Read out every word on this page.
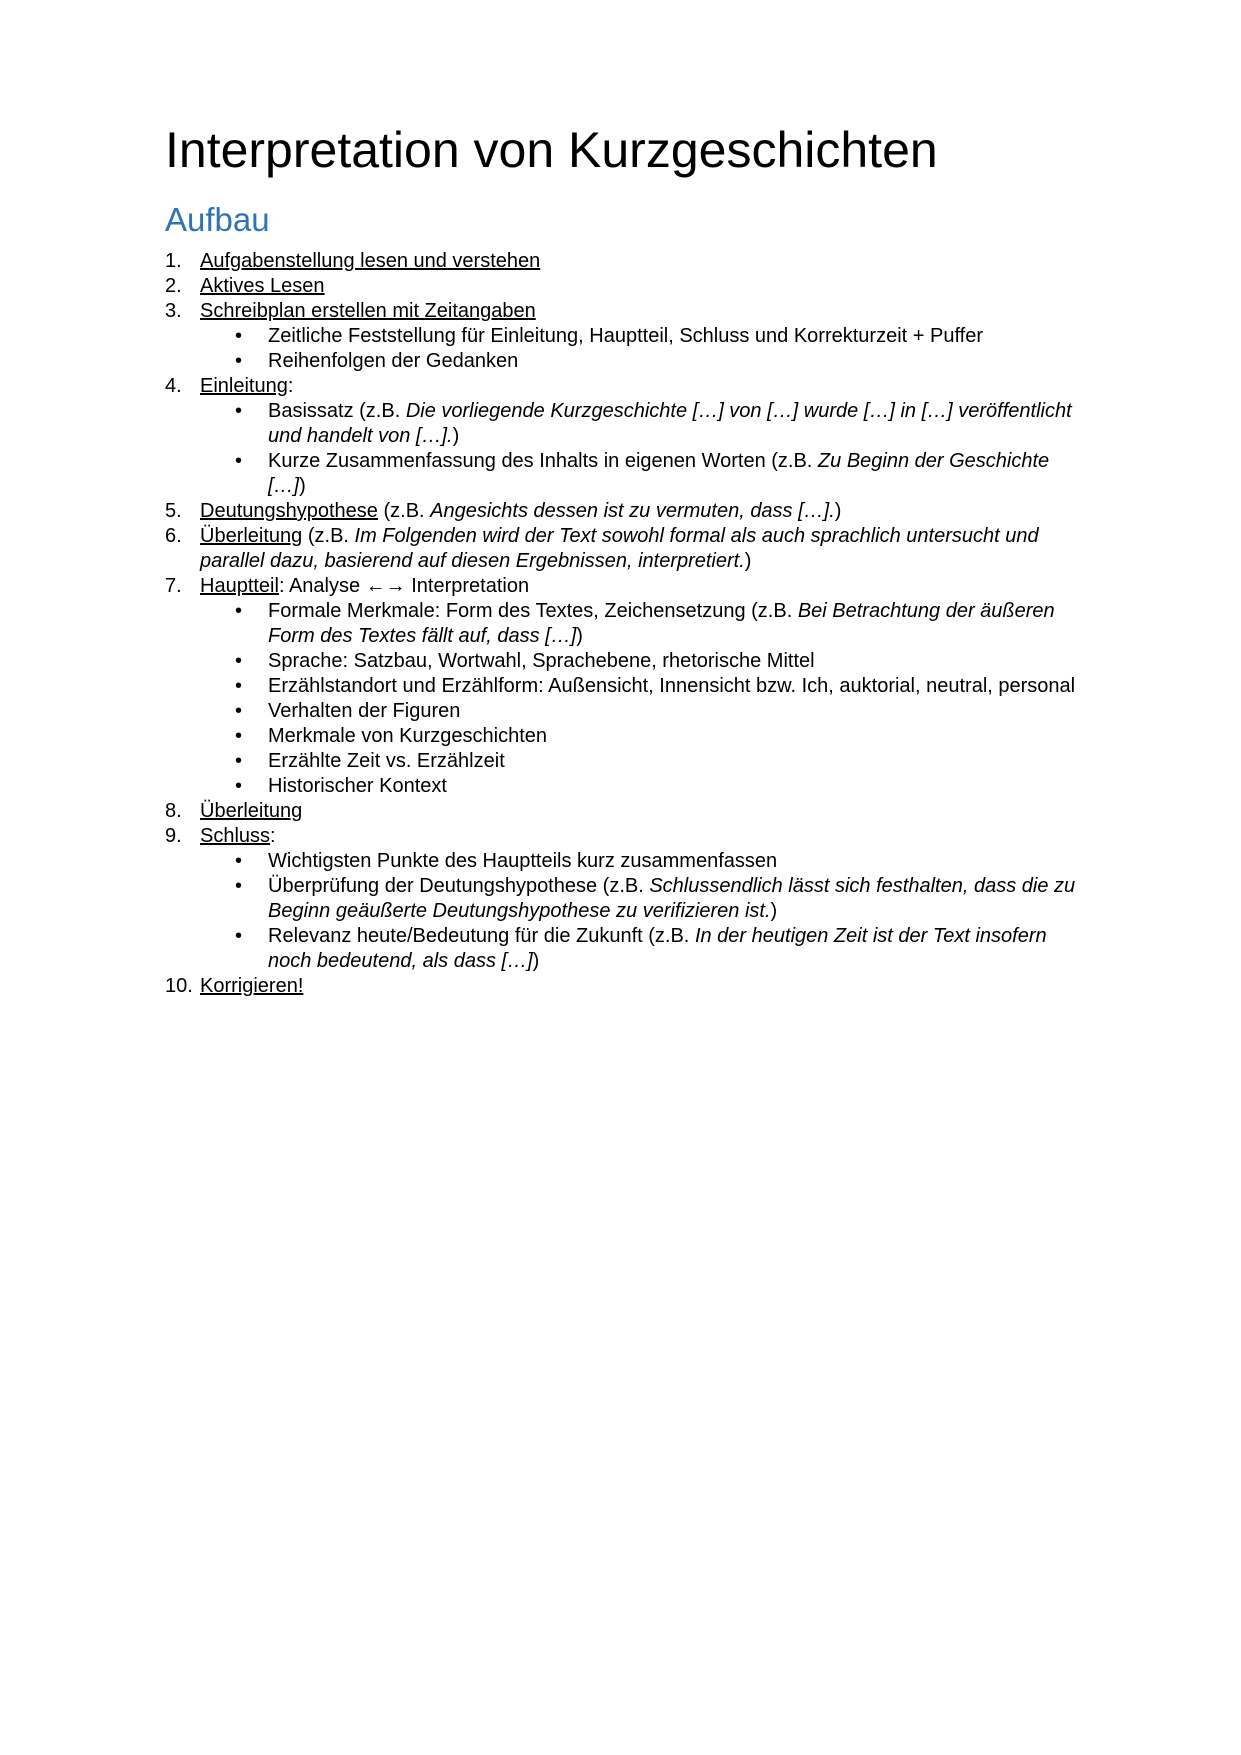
Interpretation von Kurzgeschichten
Aufbau
1. Aufgabenstellung lesen und verstehen
2. Aktives Lesen
3. Schreibplan erstellen mit Zeitangaben
•	Zeitliche Feststellung für Einleitung, Hauptteil, Schluss und Korrekturzeit + Puffer
•	Reihenfolgen der Gedanken
4. Einleitung:
•	Basissatz (z.B. Die vorliegende Kurzgeschichte […] von […] wurde […] in […] veröffentlicht und handelt von […].)
•	Kurze Zusammenfassung des Inhalts in eigenen Worten (z.B. Zu Beginn der Geschichte […])
5. Deutungshypothese (z.B. Angesichts dessen ist zu vermuten, dass […].)
6. Überleitung (z.B. Im Folgenden wird der Text sowohl formal als auch sprachlich untersucht und parallel dazu, basierend auf diesen Ergebnissen, interpretiert.)
7. Hauptteil: Analyse ←→ Interpretation
•	Formale Merkmale: Form des Textes, Zeichensetzung (z.B. Bei Betrachtung der äußeren Form des Textes fällt auf, dass […])
•	Sprache: Satzbau, Wortwahl, Sprachebene, rhetorische Mittel
•	Erzählstandort und Erzählform: Außensicht, Innensicht bzw. Ich, auktorial, neutral, personal
•	Verhalten der Figuren
•	Merkmale von Kurzgeschichten
•	Erzählte Zeit vs. Erzählzeit
•	Historischer Kontext
8. Überleitung
9. Schluss:
•	Wichtigsten Punkte des Hauptteils kurz zusammenfassen
•	Überprüfung der Deutungshypothese (z.B. Schlussendlich lässt sich festhalten, dass die zu Beginn geäußerte Deutungshypothese zu verifizieren ist.)
•	Relevanz heute/Bedeutung für die Zukunft (z.B. In der heutigen Zeit ist der Text insofern noch bedeutend, als dass […])
10. Korrigieren!
